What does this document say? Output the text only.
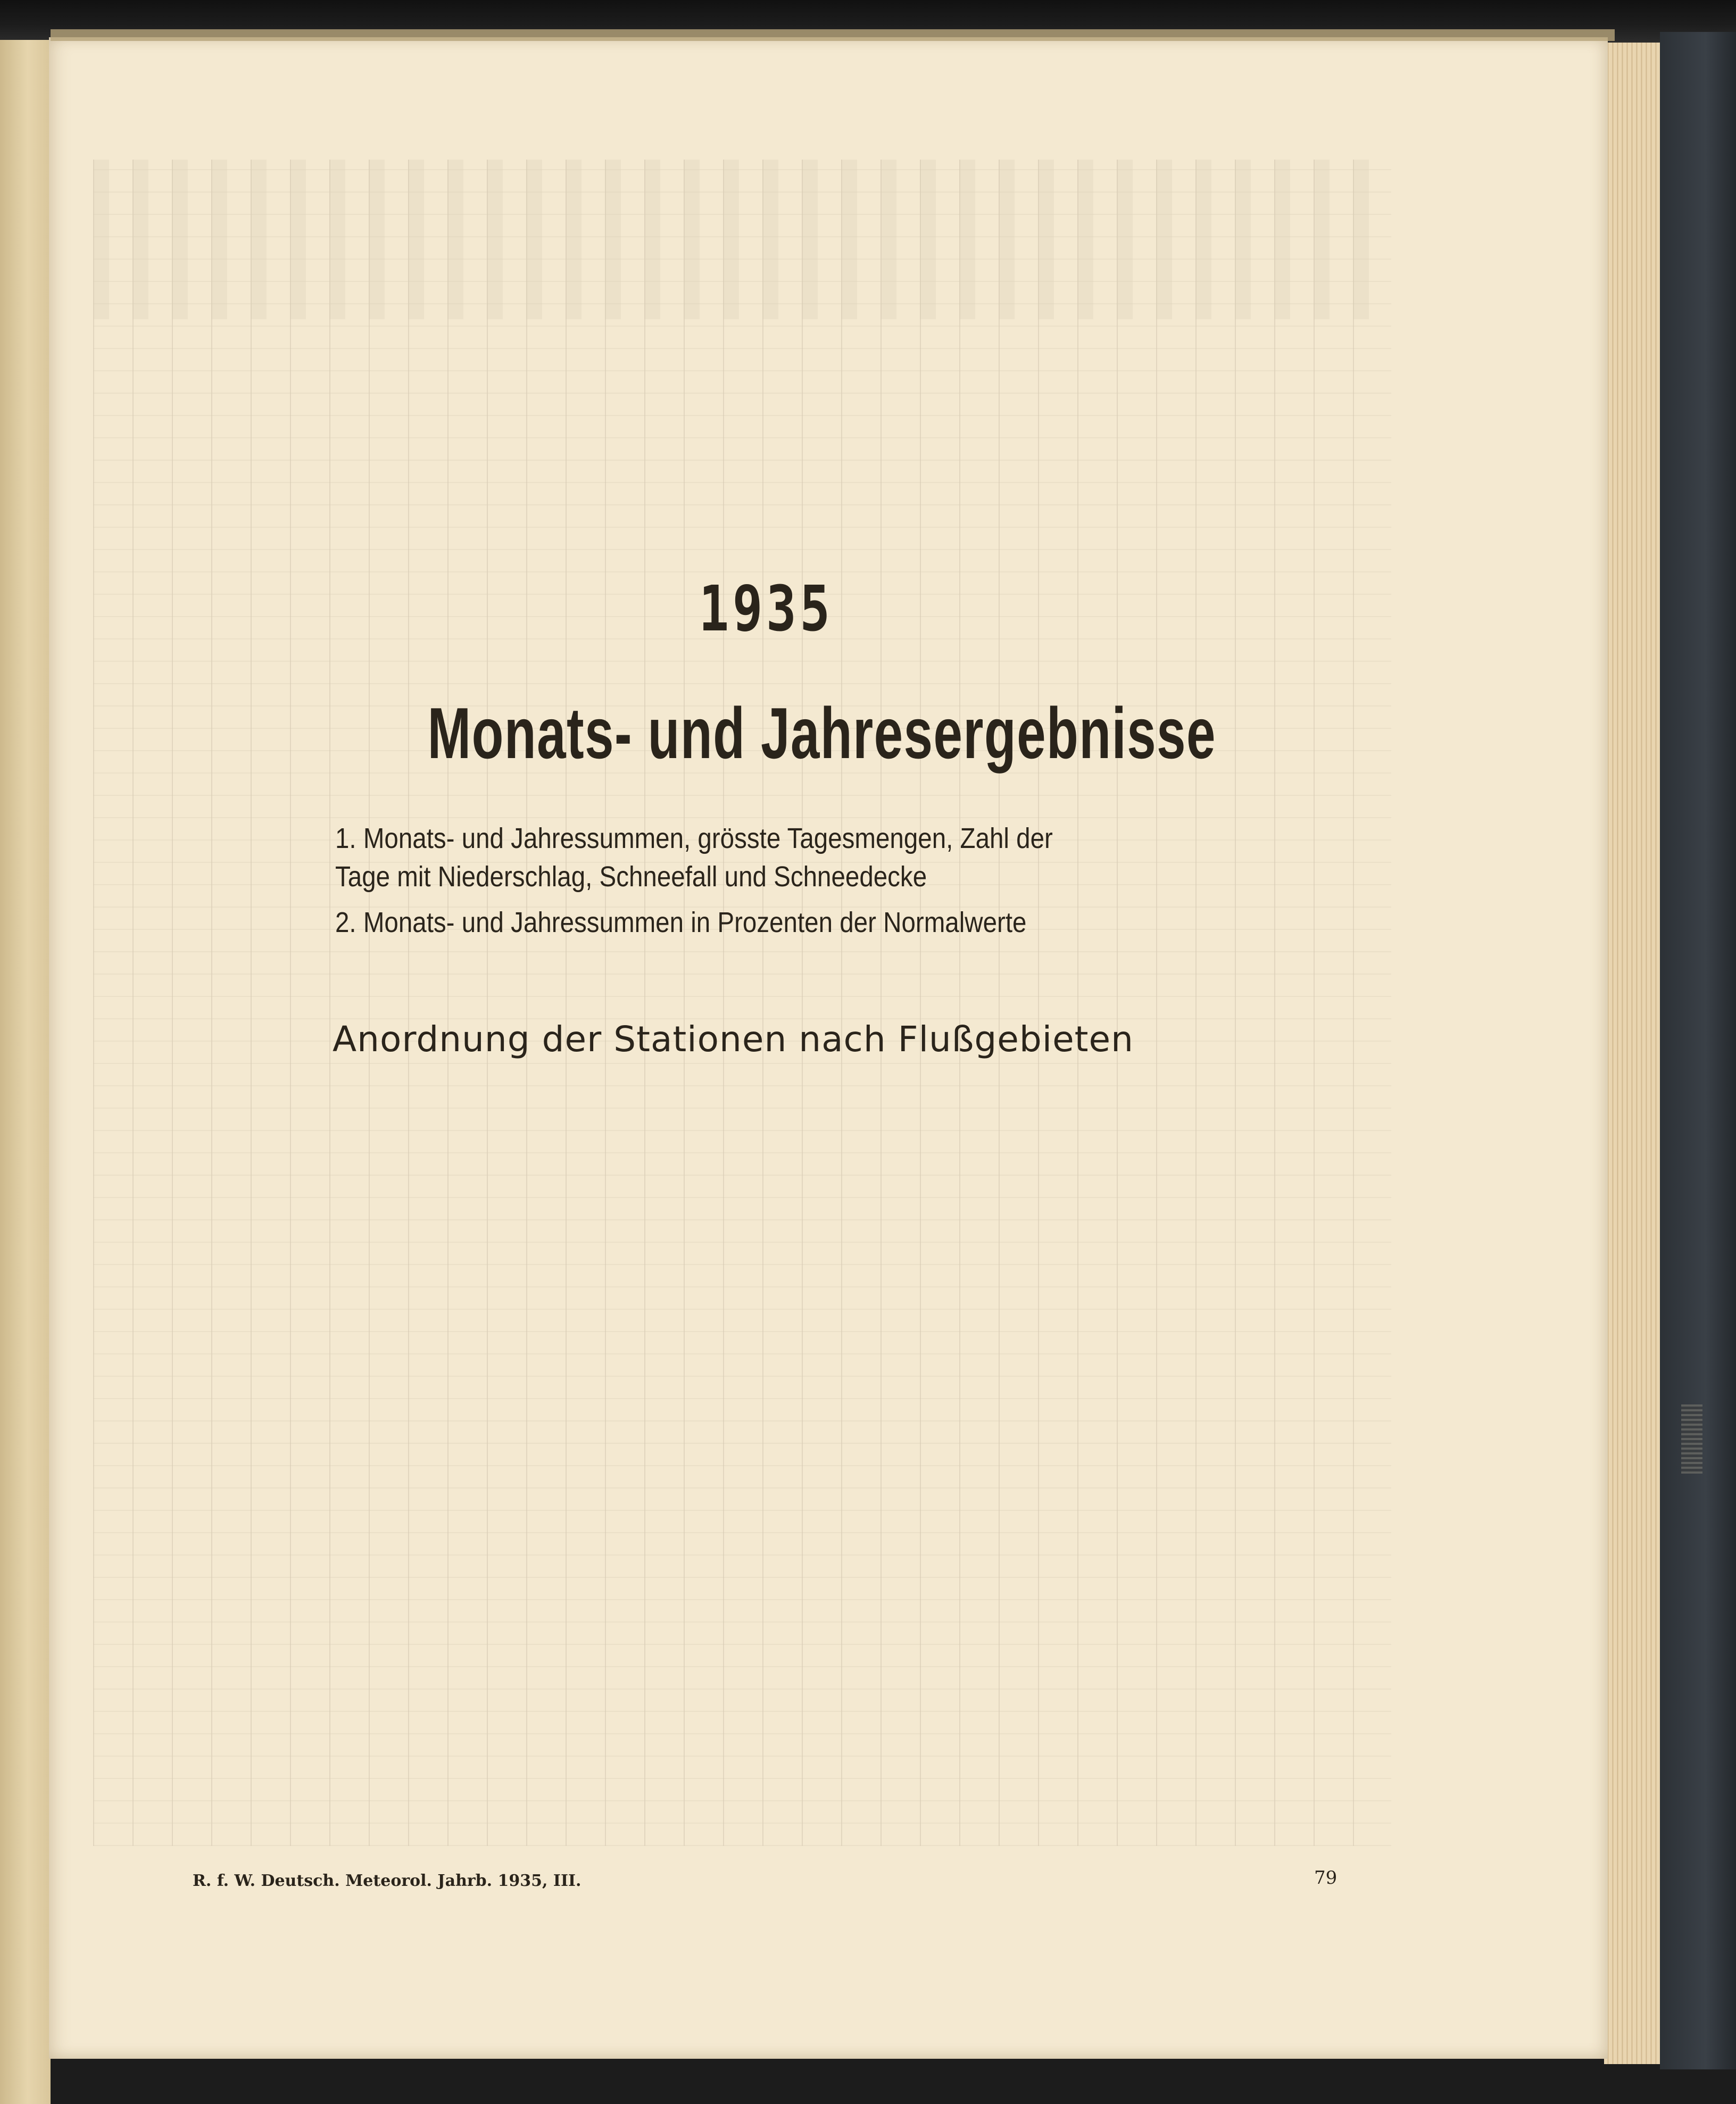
1935
Monats- und Jahresergebnisse
1. Monats- und Jahressummen, grösste Tagesmengen, Zahl der
Tage mit Niederschlag, Schneefall und Schneedecke
2. Monats- und Jahressummen in Prozenten der Normalwerte
Anordnung der Stationen nach Flußgebieten
R. f. W. Deutsch. Meteorol. Jahrb. 1935, III.	79
